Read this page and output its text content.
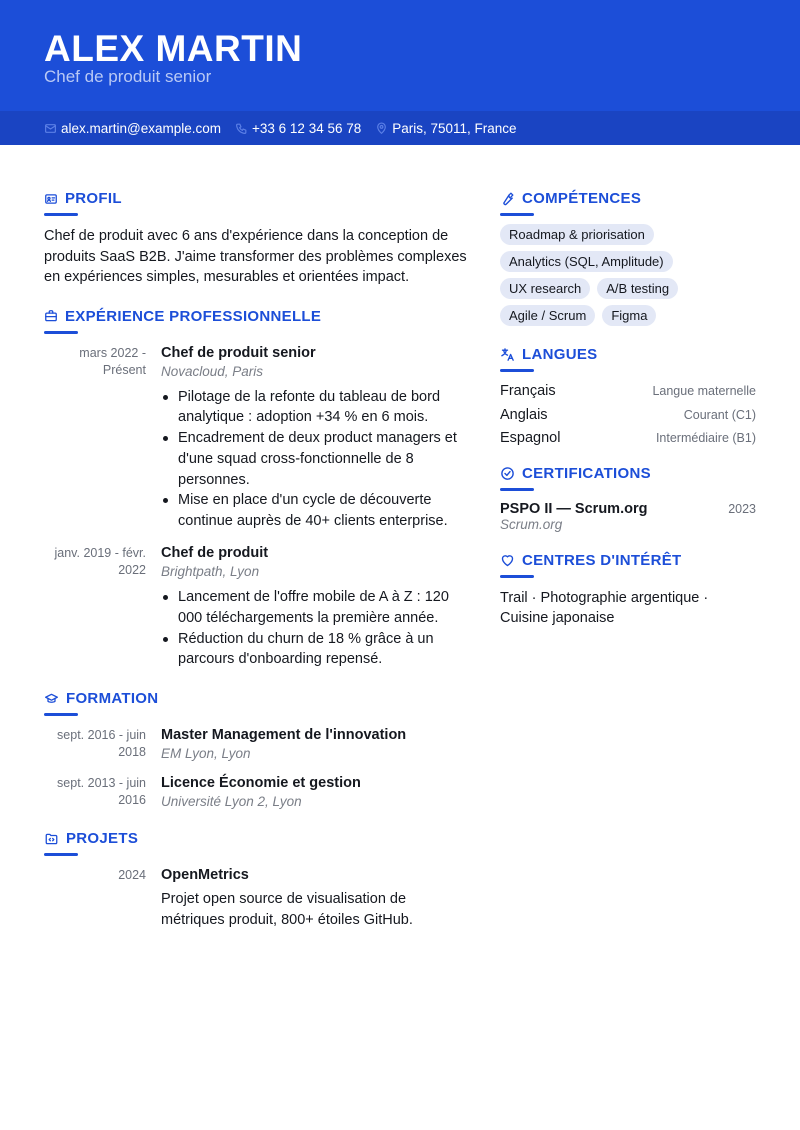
ALEX MARTIN
Chef de produit senior
alex.martin@example.com +33 6 12 34 56 78 Paris, 75011, France
PROFIL

Chef de produit avec 6 ans d'expérience dans la conception de produits SaaS B2B. J'aime transformer des problèmes complexes en expériences simples, mesurables et orientées impact.

EXPÉRIENCE PROFESSIONNELLE
mars 2022 - Présent
Chef de produit senior
Novacloud, Paris
Pilotage de la refonte du tableau de bord analytique : adoption +34 % en 6 mois.
Encadrement de deux product managers et d'une squad cross-fonctionnelle de 8 personnes.
Mise en place d'un cycle de découverte continue auprès de 40+ clients enterprise.
janv. 2019 - févr. 2022
Chef de produit
Brightpath, Lyon
Lancement de l'offre mobile de A à Z : 120 000 téléchargements la première année.
Réduction du churn de 18 % grâce à un parcours d'onboarding repensé.
FORMATION
sept. 2016 - juin 2018
Master Management de l'innovation
EM Lyon, Lyon
sept. 2013 - juin 2016
Licence Économie et gestion
Université Lyon 2, Lyon
PROJETS
2024 OpenMetrics

Projet open source de visualisation de métriques produit, 800+ étoiles GitHub.

COMPÉTENCES
Roadmap & priorisation
Analytics (SQL, Amplitude)
UX research	A/B testing
Agile / Scrum	Figma
LANGUES
Français	Langue maternelle
Anglais	Courant (C1)
Espagnol	Intermédiaire (B1)
CERTIFICATIONS
PSPO II — Scrum.org	2023
Scrum.org
CENTRES D'INTÉRÊT

Trail · Photographie argentique · Cuisine japonaise
